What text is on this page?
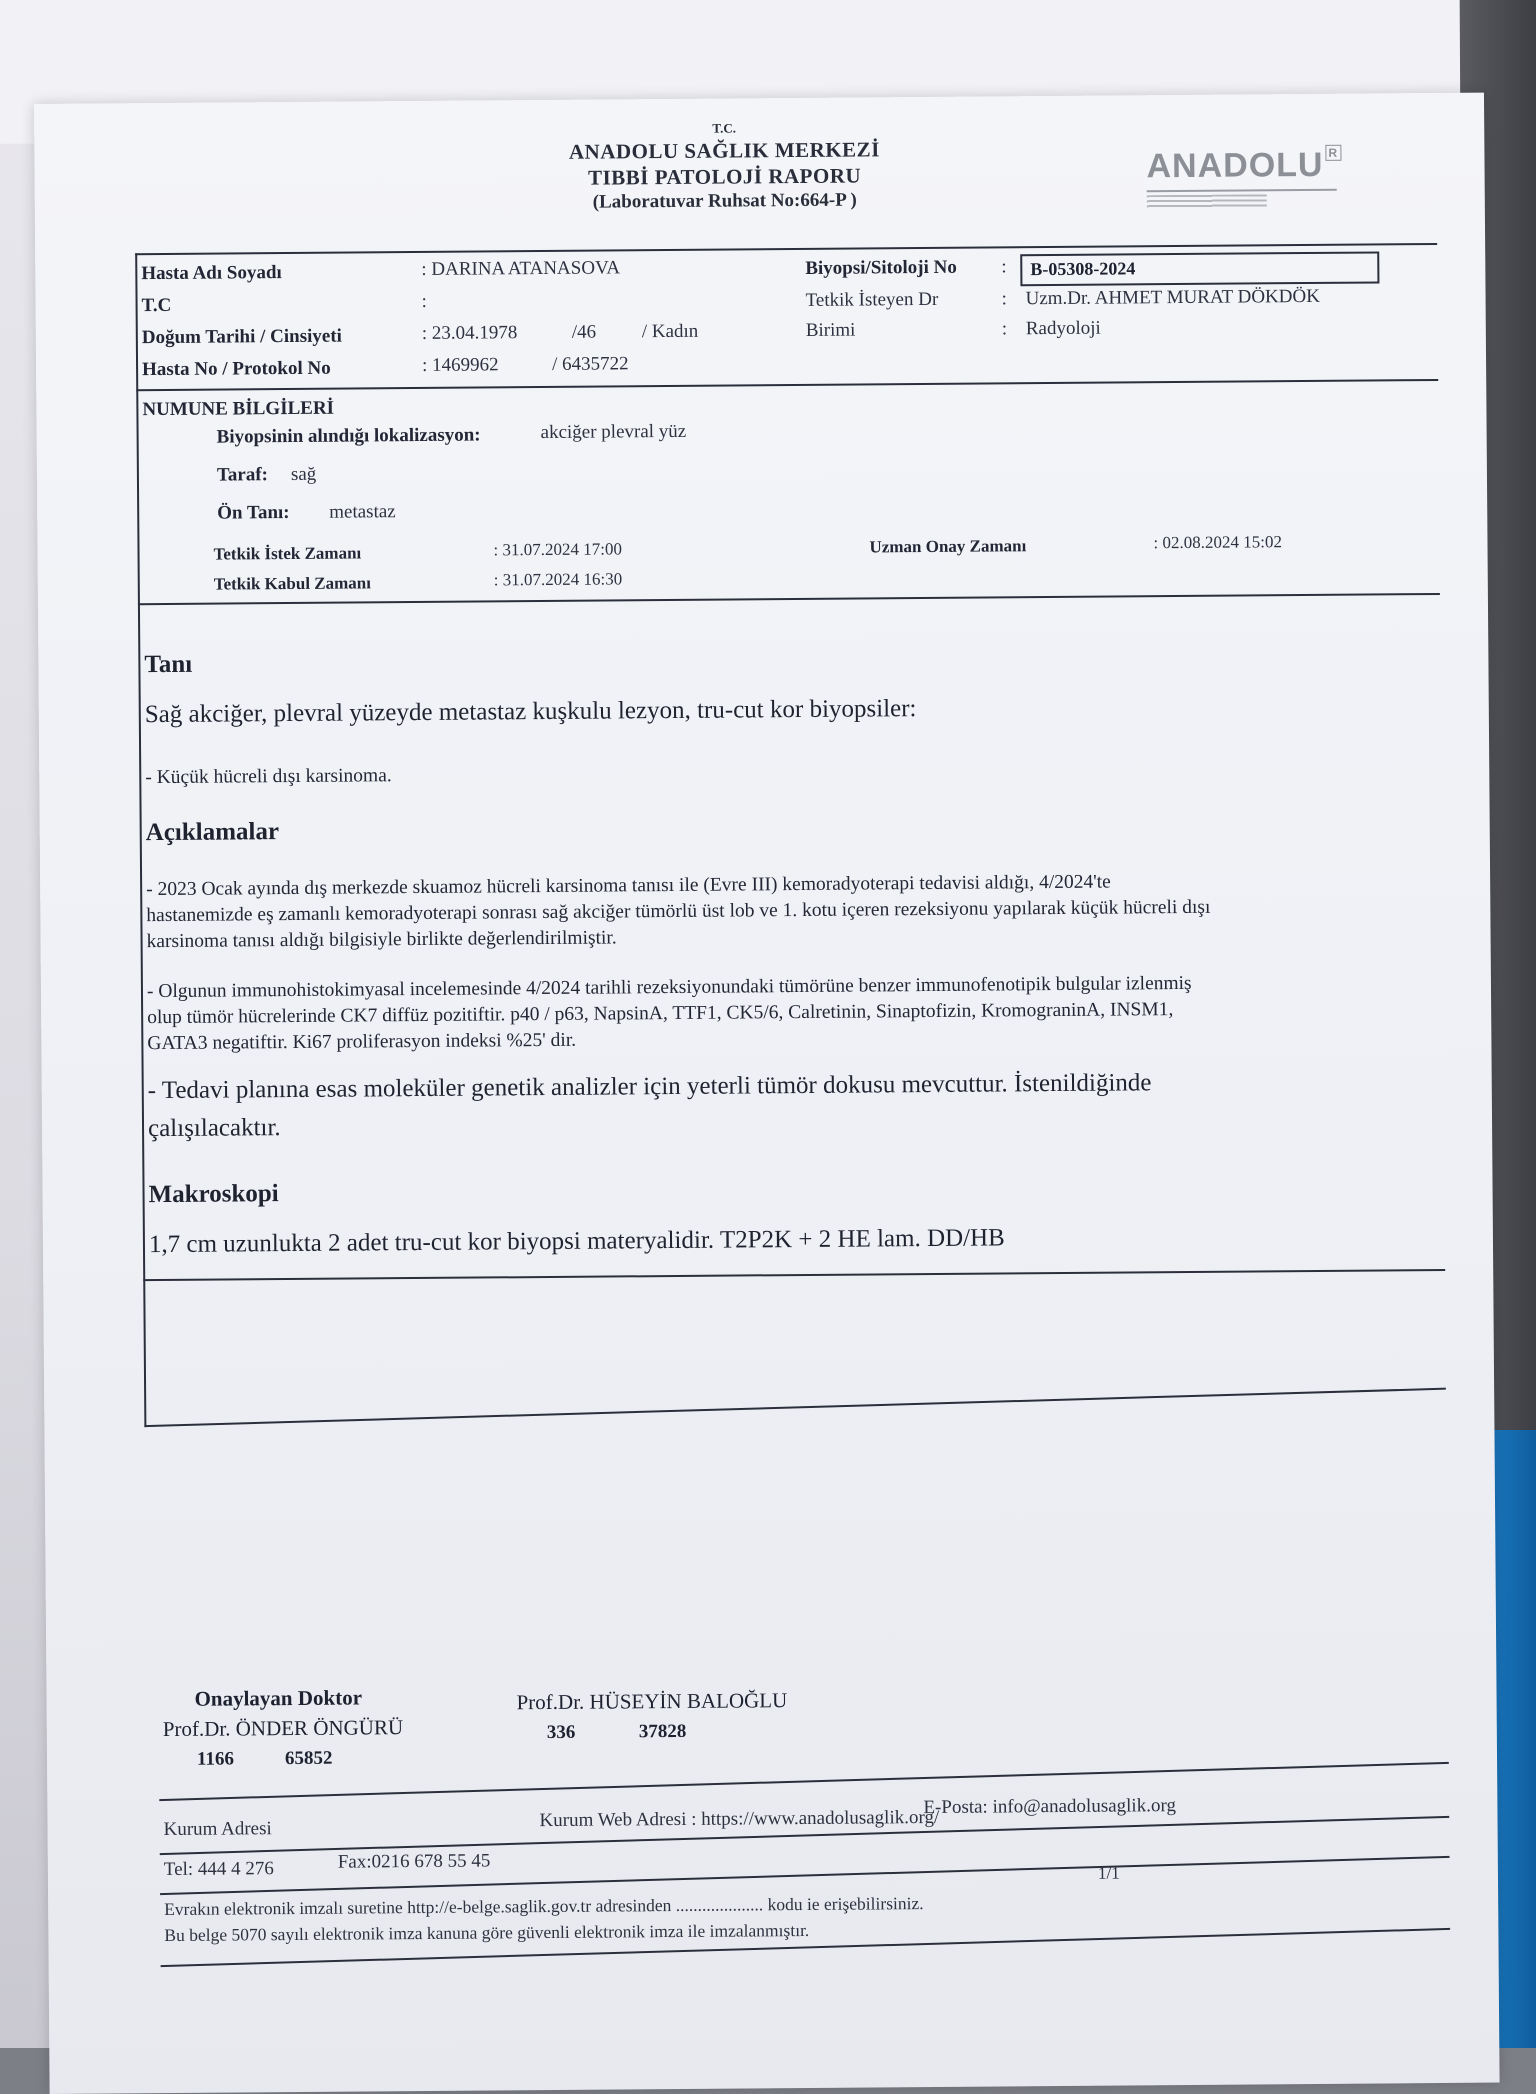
T.C.
ANADOLU SAĞLIK MERKEZİ
TIBBİ PATOLOJİ RAPORU
(Laboratuvar Ruhsat No:664-P )
ANADOLU $^R$
Hasta Adı Soyadı	: DARINA ATANASOVA
T.C	:
Doğum Tarihi / Cinsiyeti	: 23.04.1978	/46 / Kadın
Hasta No / Protokol No	: 1469962	/ 6435722
Biyopsi/Sitoloji No : B-05308-2024
Tetkik İsteyen Dr	: Uzm.Dr. AHMET MURAT DÖKDÖK
Birimi	: Radyoloji
NUMUNE BİLGİLERİ
Biyopsinin alındığı lokalizasyon:	akciğer plevral yüz
Taraf: sağ
Ön Tanı: metastaz
Tetkik İstek Zamanı	: 31.07.2024 17:00
Tetkik Kabul Zamanı	: 31.07.2024 16:30
Uzman Onay Zamanı	: 02.08.2024 15:02
Tanı
Sağ akciğer, plevral yüzeyde metastaz kuşkulu lezyon, tru-cut kor biyopsiler:
- Küçük hücreli dışı karsinoma.
Açıklamalar
- 2023 Ocak ayında dış merkezde skuamoz hücreli karsinoma tanısı ile (Evre III) kemoradyoterapi tedavisi aldığı, 4/2024'te
hastanemizde eş zamanlı kemoradyoterapi sonrası sağ akciğer tümörlü üst lob ve 1. kotu içeren rezeksiyonu yapılarak küçük hücreli dışı
karsinoma tanısı aldığı bilgisiyle birlikte değerlendirilmiştir.
- Olgunun immunohistokimyasal incelemesinde 4/2024 tarihli rezeksiyonundaki tümörüne benzer immunofenotipik bulgular izlenmiş
olup tümör hücrelerinde CK7 diffüz pozitiftir. p40 / p63, NapsinA, TTF1, CK5/6, Calretinin, Sinaptofizin, KromograninA, INSM1,
GATA3 negatiftir. Ki67 proliferasyon indeksi %25' dir.
- Tedavi planına esas moleküler genetik analizler için yeterli tümör dokusu mevcuttur. İstenildiğinde
çalışılacaktır.
Makroskopi
1,7 cm uzunlukta 2 adet tru-cut kor biyopsi materyalidir. T2P2K + 2 HE lam. DD/HB
Onaylayan Doktor
Prof.Dr. ÖNDER ÖNGÜRÜ
1166	65852
Prof.Dr. HÜSEYİN BALOĞLU
336	37828
Kurum Adresi	Kurum Web Adresi : https://www.anadolusaglik.org/
E-Posta: info@anadolusaglik.org
Tel: 444 4 276	Fax:0216 678 55 45
Evrakın elektronik imzalı suretine http://e-belge.saglik.gov.tr adresinden .................... kodu ie erişebilirsiniz.
1/1
Bu belge 5070 sayılı elektronik imza kanuna göre güvenli elektronik imza ile imzalanmıştır.
